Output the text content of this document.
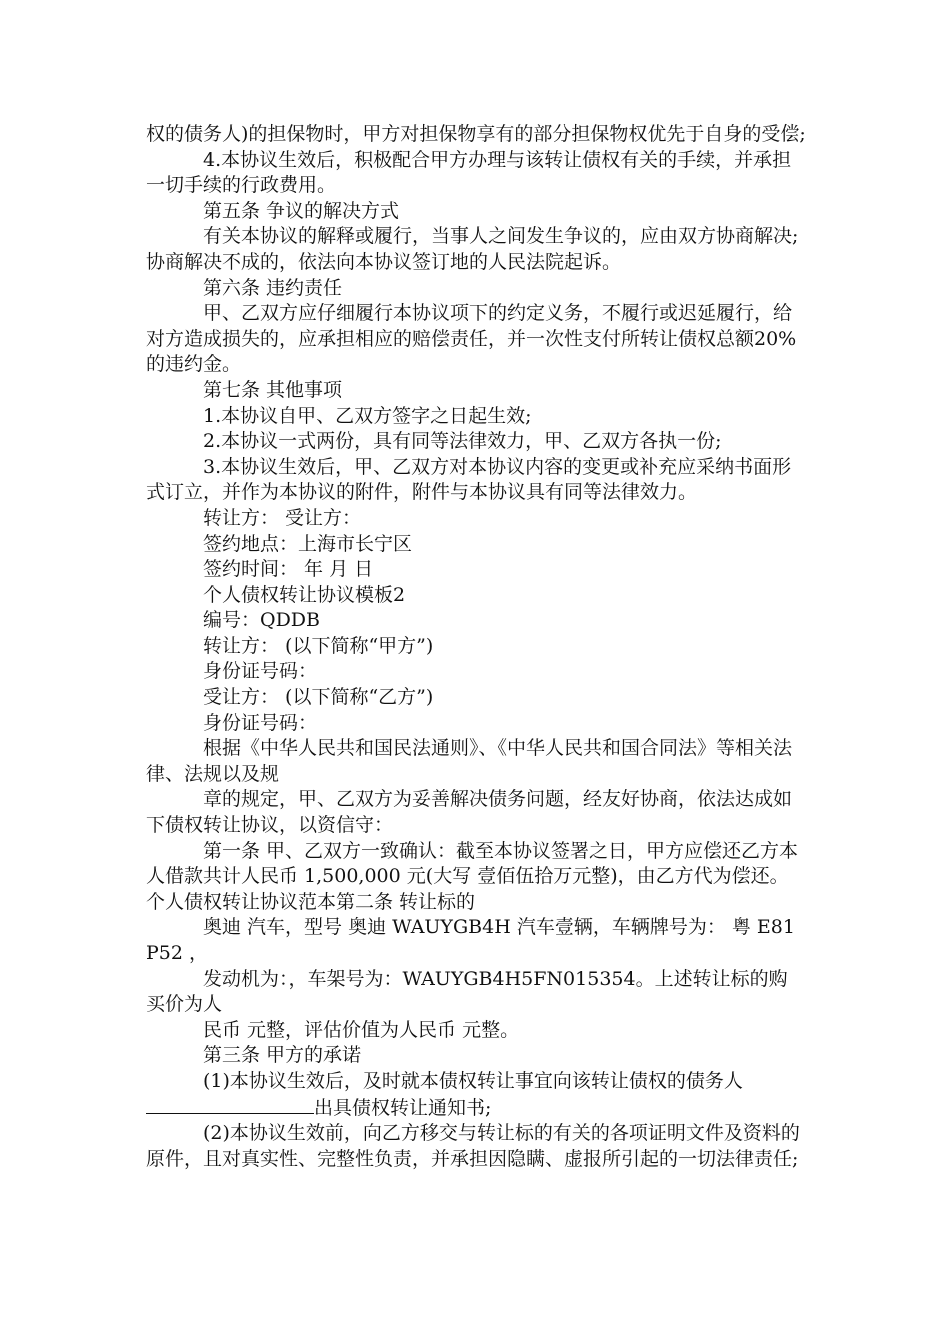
权的债务人)的担保物时，甲方对担保物享有的部分担保物权优先于自身的受偿;

4.本协议生效后，积极配合甲方办理与该转让债权有关的手续，并承担一切手续的行政费用。

第五条 争议的解决方式

有关本协议的解释或履行，当事人之间发生争议的，应由双方协商解决;协商解决不成的，依法向本协议签订地的人民法院起诉。

第六条 违约责任

甲、乙双方应仔细履行本协议项下的约定义务，不履行或迟延履行，给对方造成损失的，应承担相应的赔偿责任，并一次性支付所转让债权总额20%的违约金。

第七条 其他事项

1.本协议自甲、乙双方签字之日起生效;

2.本协议一式两份，具有同等法律效力，甲、乙双方各执一份;

3.本协议生效后，甲、乙双方对本协议内容的变更或补充应采纳书面形式订立，并作为本协议的附件，附件与本协议具有同等法律效力。

转让方： 受让方：

签约地点：上海市长宁区

签约时间： 年 月 日

个人债权转让协议模板2

编号：QDDB

转让方： (以下简称“甲方”)

身份证号码：

受让方： (以下简称“乙方”)

身份证号码：

根据《中华人民共和国民法通则》、《中华人民共和国合同法》等相关法律、法规以及规

章的规定，甲、乙双方为妥善解决债务问题，经友好协商，依法达成如下债权转让协议，以资信守：

第一条 甲、乙双方一致确认：截至本协议签署之日，甲方应偿还乙方本人借款共计人民币 1,500,000 元(大写 壹佰伍拾万元整)，由乙方代为偿还。个人债权转让协议范本第二条 转让标的

奥迪 汽车，型号 奥迪 WAUYGB4H 汽车壹辆，车辆牌号为： 粤 E81P52 ，

发动机为：，车架号为：WAUYGB4H5FN015354。上述转让标的购买价为人

民币 元整，评估价值为人民币 元整。

第三条 甲方的承诺

(1)本协议生效后，及时就本债权转让事宜向该转让债权的债务人出具债权转让通知书;

(2)本协议生效前，向乙方移交与转让标的有关的各项证明文件及资料的原件，且对真实性、完整性负责，并承担因隐瞒、虚报所引起的一切法律责任;
